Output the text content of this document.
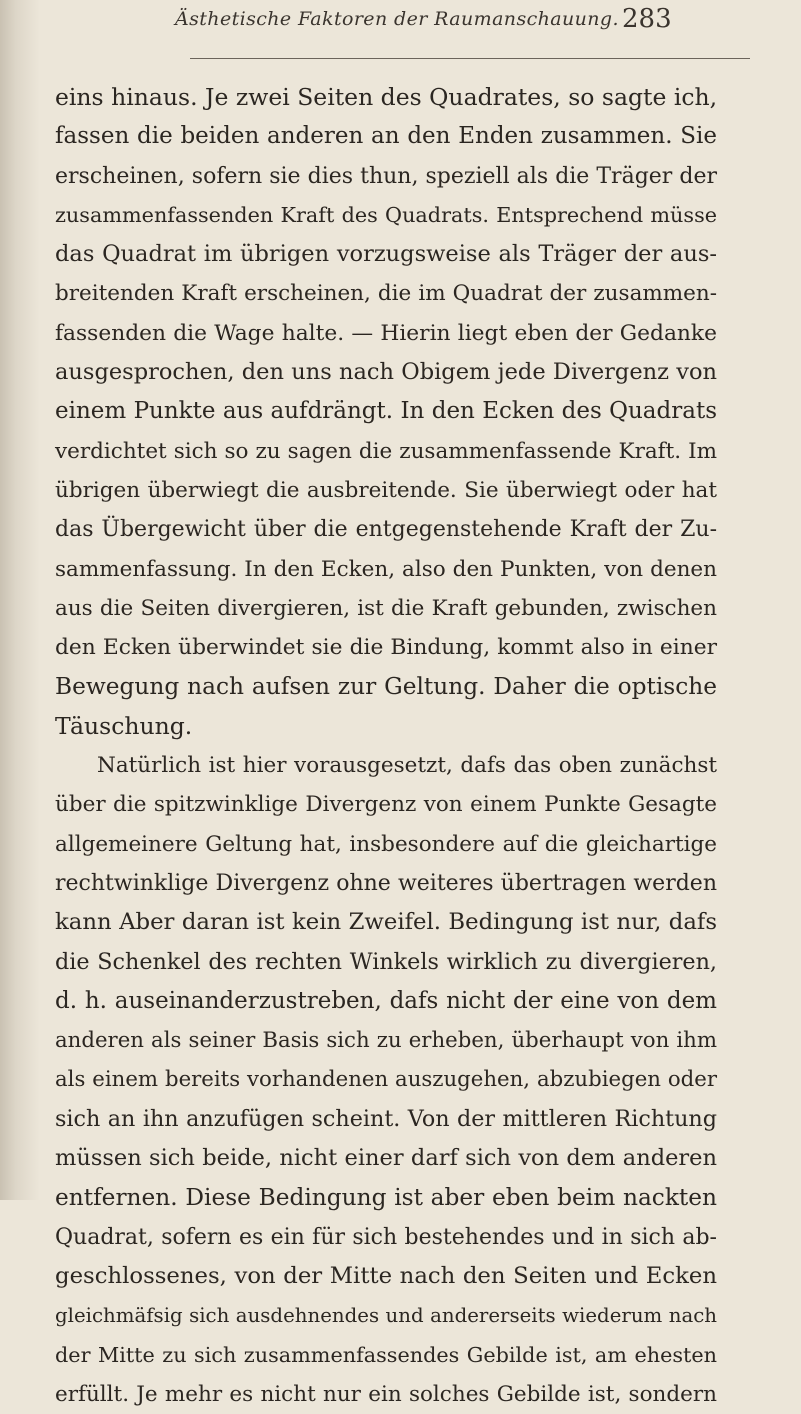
Ästhetische Faktoren der Raumanschauung. 283
eins hinaus. Je zwei Seiten des Quadrates, so sagte ich,
fassen die beiden anderen an den Enden zusammen. Sie
erscheinen, sofern sie dies thun, speziell als die Träger der
zusammenfassenden Kraft des Quadrats. Entsprechend müsse
das Quadrat im übrigen vorzugsweise als Träger der aus-
breitenden Kraft erscheinen, die im Quadrat der zusammen-
fassenden die Wage halte. — Hierin liegt eben der Gedanke
ausgesprochen, den uns nach Obigem jede Divergenz von
einem Punkte aus aufdrängt. In den Ecken des Quadrats
verdichtet sich so zu sagen die zusammenfassende Kraft. Im
übrigen überwiegt die ausbreitende. Sie überwiegt oder hat
das Übergewicht über die entgegenstehende Kraft der Zu-
sammenfassung. In den Ecken, also den Punkten, von denen
aus die Seiten divergieren, ist die Kraft gebunden, zwischen
den Ecken überwindet sie die Bindung, kommt also in einer
Bewegung nach aufsen zur Geltung. Daher die optische
Täuschung.
Natürlich ist hier vorausgesetzt, dafs das oben zunächst
über die spitzwinklige Divergenz von einem Punkte Gesagte
allgemeinere Geltung hat, insbesondere auf die gleichartige
rechtwinklige Divergenz ohne weiteres übertragen werden
kann Aber daran ist kein Zweifel. Bedingung ist nur, dafs
die Schenkel des rechten Winkels wirklich zu divergieren,
d. h. auseinanderzustreben, dafs nicht der eine von dem
anderen als seiner Basis sich zu erheben, überhaupt von ihm
als einem bereits vorhandenen auszugehen, abzubiegen oder
sich an ihn anzufügen scheint. Von der mittleren Richtung
müssen sich beide, nicht einer darf sich von dem anderen
entfernen. Diese Bedingung ist aber eben beim nackten
Quadrat, sofern es ein für sich bestehendes und in sich ab-
geschlossenes, von der Mitte nach den Seiten und Ecken
gleichmäfsig sich ausdehnendes und andererseits wiederum nach
der Mitte zu sich zusammenfassendes Gebilde ist, am ehesten
erfüllt. Je mehr es nicht nur ein solches Gebilde ist, sondern
